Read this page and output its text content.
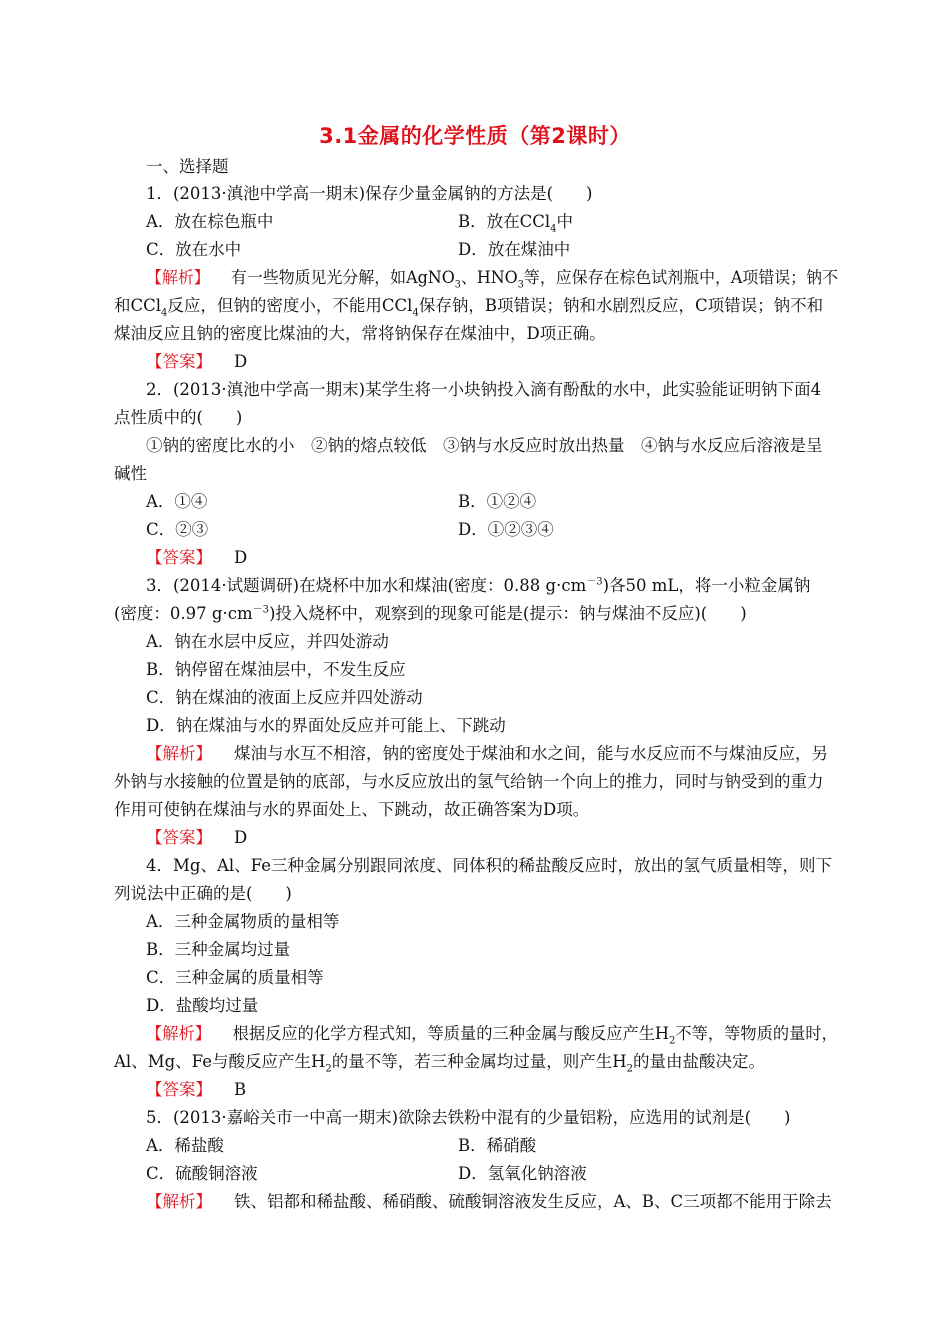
3.1金属的化学性质（第2课时）
一、选择题
1．(2013·滇池中学高一期末)保存少量金属钠的方法是(　　)
A．放在棕色瓶中	B．放在CCl$_4$中
C．放在水中	D．放在煤油中
【解析】 有一些物质见光分解，如AgNO$_3$、$HNO_3$等，应保存在棕色试剂瓶中，A项错误；钠不
和CCl$_4$反应，但钠的密度小，不能用CCl$_4$保存钠，B项错误；钠和水剧烈反应，C项错误；钠不和
煤油反应且钠的密度比煤油的大，常将钠保存在煤油中，D项正确。
【答案】 D
2．(2013·滇池中学高一期末)某学生将一小块钠投入滴有酚酞的水中，此实验能证明钠下面4
点性质中的(　　)
①钠的密度比水的小　②钠的熔点较低　③钠与水反应时放出热量　④钠与水反应后溶液是呈
碱性
A．①④	B．①②④
C．②③	D．①②③④
【答案】 D
3．(2014·试题调研)在烧杯中加水和煤油(密度：0.88 $g\cdot cm^{-3}$)各50 mL，将一小粒金属钠
(密度：0.97 $g\cdot cm^{-3}$)投入烧杯中，观察到的现象可能是(提示：钠与煤油不反应)(　　)
A．钠在水层中反应，并四处游动
B．钠停留在煤油层中，不发生反应
C．钠在煤油的液面上反应并四处游动
D．钠在煤油与水的界面处反应并可能上、下跳动
【解析】 煤油与水互不相溶，钠的密度处于煤油和水之间，能与水反应而不与煤油反应，另
外钠与水接触的位置是钠的底部，与水反应放出的氢气给钠一个向上的推力，同时与钠受到的重力
作用可使钠在煤油与水的界面处上、下跳动，故正确答案为D项。
【答案】 D
4．Mg、Al、Fe三种金属分别跟同浓度、同体积的稀盐酸反应时，放出的氢气质量相等，则下
列说法中正确的是(　　)
A．三种金属物质的量相等
B．三种金属均过量
C．三种金属的质量相等
D．盐酸均过量
【解析】 根据反应的化学方程式知，等质量的三种金属与酸反应产生$H_2$不等，等物质的量时，
Al、Mg、Fe与酸反应产生$H_2$的量不等，若三种金属均过量，则产生$H_2$的量由盐酸决定。
【答案】 B
5．(2013·嘉峪关市一中高一期末)欲除去铁粉中混有的少量铝粉，应选用的试剂是(　　)
A．稀盐酸	B．稀硝酸
C．硫酸铜溶液	D．氢氧化钠溶液
【解析】 铁、铝都和稀盐酸、稀硝酸、硫酸铜溶液发生反应，A、B、C三项都不能用于除去
